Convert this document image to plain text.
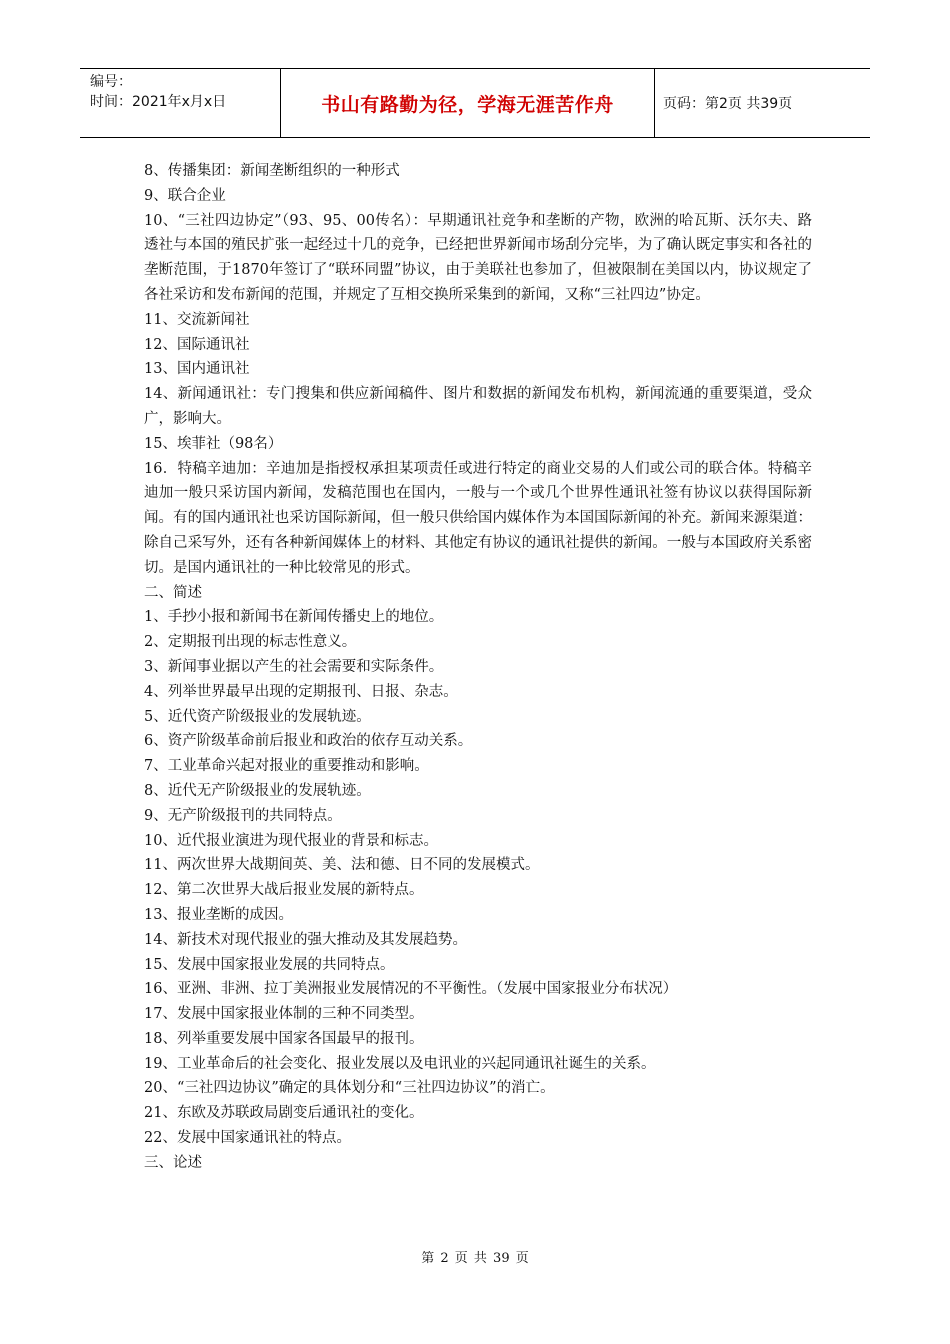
编号：
时间：2021年x月x日	书山有路勤为径，学海无涯苦作舟	页码：第2页 共39页

8、传播集团：新闻垄断组织的一种形式

9、联合企业

10、“三社四边协定”（93、95、00传名）：早期通讯社竞争和垄断的产物，欧洲的哈瓦斯、沃尔夫、路透社与本国的殖民扩张一起经过十几的竞争，已经把世界新闻市场刮分完毕，为了确认既定事实和各社的垄断范围，于1870年签订了“联环同盟”协议，由于美联社也参加了，但被限制在美国以内，协议规定了各社采访和发布新闻的范围，并规定了互相交换所采集到的新闻，又称“三社四边”协定。

11、交流新闻社

12、国际通讯社

13、国内通讯社

14、新闻通讯社：专门搜集和供应新闻稿件、图片和数据的新闻发布机构，新闻流通的重要渠道，受众广，影响大。

15、埃菲社（98名）

16．特稿辛迪加：辛迪加是指授权承担某项责任或进行特定的商业交易的人们或公司的联合体。特稿辛迪加一般只采访国内新闻，发稿范围也在国内，一般与一个或几个世界性通讯社签有协议以获得国际新闻。有的国内通讯社也采访国际新闻，但一般只供给国内媒体作为本国国际新闻的补充。新闻来源渠道：除自己采写外，还有各种新闻媒体上的材料、其他定有协议的通讯社提供的新闻。一般与本国政府关系密切。是国内通讯社的一种比较常见的形式。

二、简述

1、手抄小报和新闻书在新闻传播史上的地位。

2、定期报刊出现的标志性意义。

3、新闻事业据以产生的社会需要和实际条件。

4、列举世界最早出现的定期报刊、日报、杂志。

5、近代资产阶级报业的发展轨迹。

6、资产阶级革命前后报业和政治的依存互动关系。

7、工业革命兴起对报业的重要推动和影响。

8、近代无产阶级报业的发展轨迹。

9、无产阶级报刊的共同特点。

10、近代报业演进为现代报业的背景和标志。

11、两次世界大战期间英、美、法和德、日不同的发展模式。

12、第二次世界大战后报业发展的新特点。

13、报业垄断的成因。

14、新技术对现代报业的强大推动及其发展趋势。

15、发展中国家报业发展的共同特点。

16、亚洲、非洲、拉丁美洲报业发展情况的不平衡性。（发展中国家报业分布状况）

17、发展中国家报业体制的三种不同类型。

18、列举重要发展中国家各国最早的报刊。

19、工业革命后的社会变化、报业发展以及电讯业的兴起同通讯社诞生的关系。

20、“三社四边协议”确定的具体划分和“三社四边协议”的消亡。

21、东欧及苏联政局剧变后通讯社的变化。

22、发展中国家通讯社的特点。

三、论述

第 2 页 共 39 页
